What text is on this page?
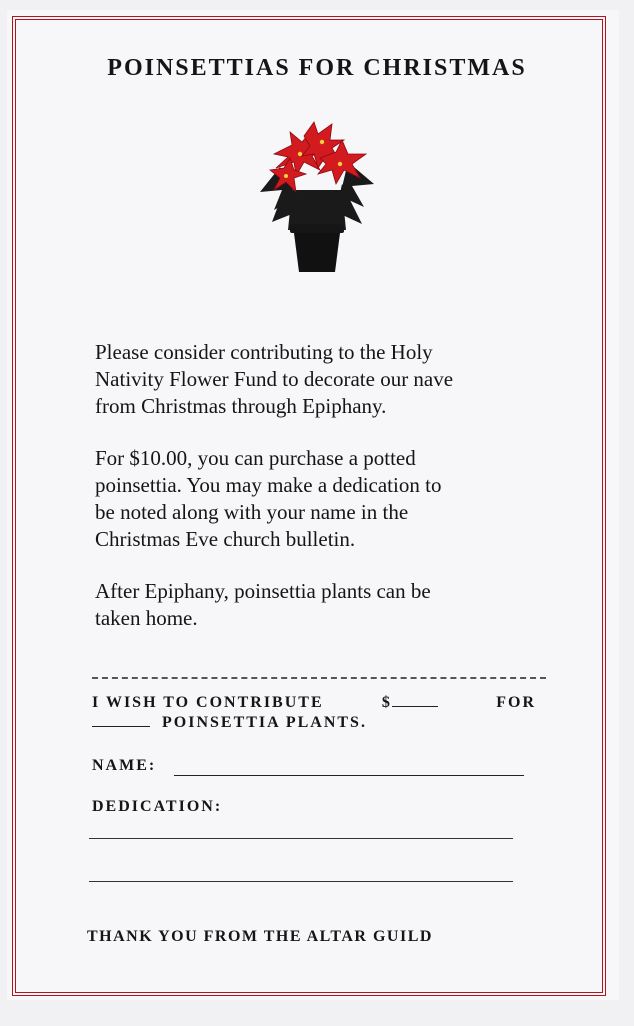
POINSETTIAS FOR CHRISTMAS
Please consider contributing to the Holy
Nativity Flower Fund to decorate our nave
from Christmas through Epiphany.
For $10.00, you can purchase a potted
poinsettia. You may make a dedication to
be noted along with your name in the
Christmas Eve church bulletin.
After Epiphany, poinsettia plants can be
taken home.
I WISH TO CONTRIBUTE	$	FOR
POINSETTIA PLANTS.
NAME:
DEDICATION:
THANK YOU FROM THE ALTAR GUILD
